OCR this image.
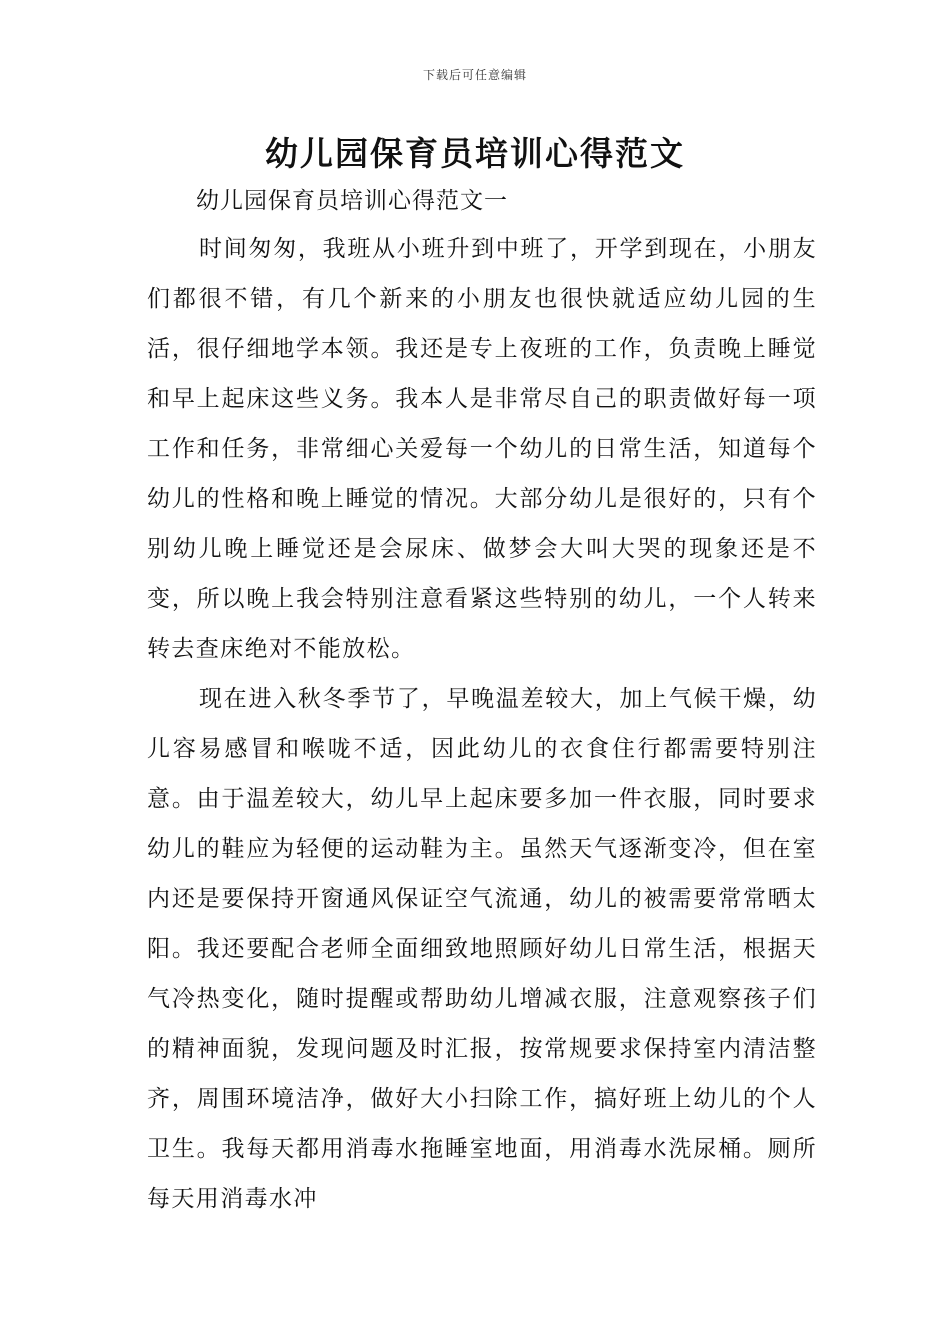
下载后可任意编辑
幼儿园保育员培训心得范文
幼儿园保育员培训心得范文一

时间匆匆，我班从小班升到中班了，开学到现在，小朋友们都很不错，有几个新来的小朋友也很快就适应幼儿园的生活，很仔细地学本领。我还是专上夜班的工作，负责晚上睡觉和早上起床这些义务。我本人是非常尽自己的职责做好每一项工作和任务，非常细心关爱每一个幼儿的日常生活，知道每个幼儿的性格和晚上睡觉的情况。大部分幼儿是很好的，只有个别幼儿晚上睡觉还是会尿床、做梦会大叫大哭的现象还是不变，所以晚上我会特别注意看紧这些特别的幼儿，一个人转来转去查床绝对不能放松。

现在进入秋冬季节了，早晚温差较大，加上气候干燥，幼儿容易感冒和喉咙不适，因此幼儿的衣食住行都需要特别注意。由于温差较大，幼儿早上起床要多加一件衣服，同时要求幼儿的鞋应为轻便的运动鞋为主。虽然天气逐渐变冷，但在室内还是要保持开窗通风保证空气流通，幼儿的被需要常常晒太阳。我还要配合老师全面细致地照顾好幼儿日常生活，根据天气冷热变化，随时提醒或帮助幼儿增减衣服，注意观察孩子们的精神面貌，发现问题及时汇报，按常规要求保持室内清洁整齐，周围环境洁净，做好大小扫除工作，搞好班上幼儿的个人卫生。我每天都用消毒水拖睡室地面，用消毒水洗尿桶。厕所每天用消毒水冲
